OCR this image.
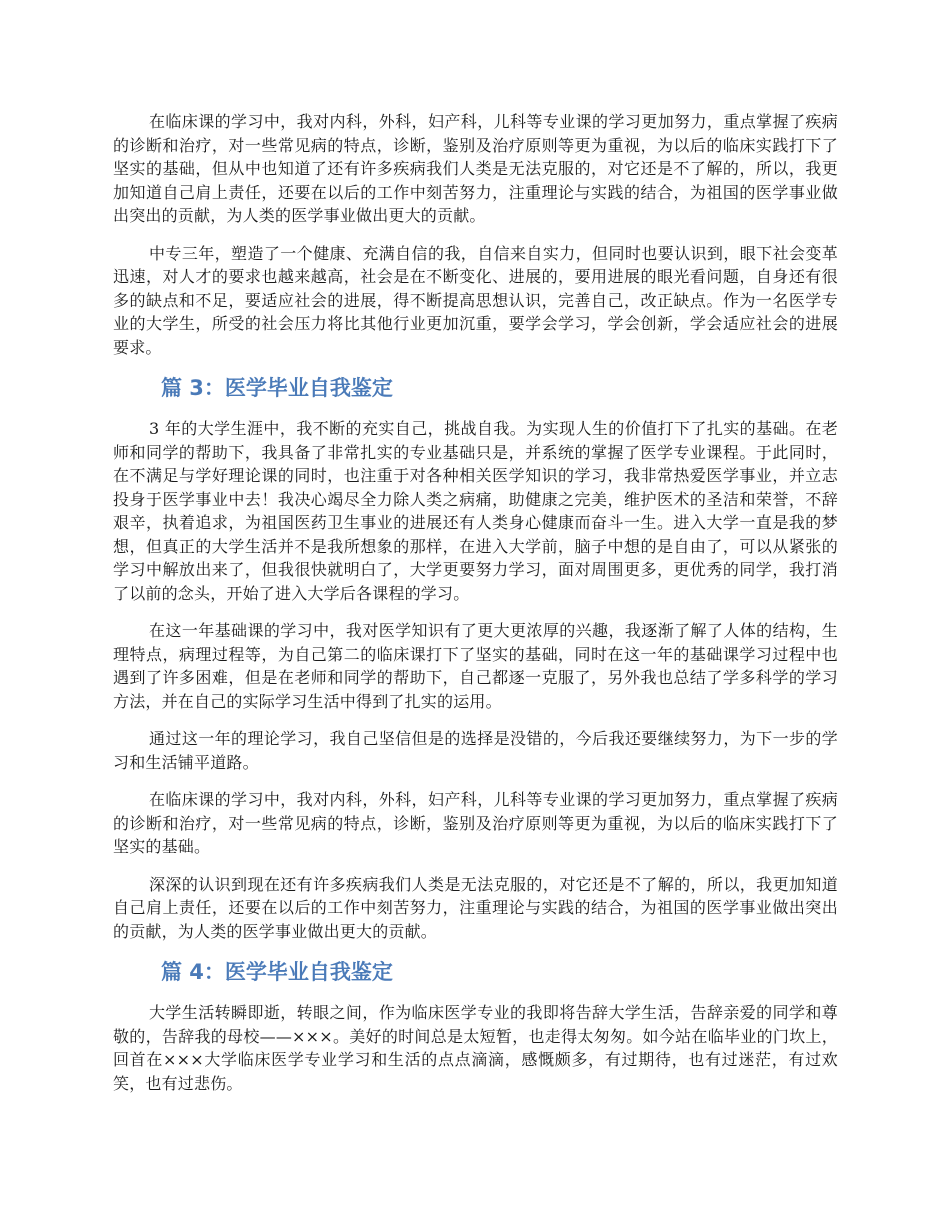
在临床课的学习中，我对内科，外科，妇产科，儿科等专业课的学习更加努力，重点掌握了疾病的诊断和治疗，对一些常见病的特点，诊断，鉴别及治疗原则等更为重视，为以后的临床实践打下了坚实的基础，但从中也知道了还有许多疾病我们人类是无法克服的，对它还是不了解的，所以，我更加知道自己肩上责任，还要在以后的工作中刻苦努力，注重理论与实践的结合，为祖国的医学事业做出突出的贡献，为人类的医学事业做出更大的贡献。

中专三年，塑造了一个健康、充满自信的我，自信来自实力，但同时也要认识到，眼下社会变革迅速，对人才的要求也越来越高，社会是在不断变化、进展的，要用进展的眼光看问题，自身还有很多的缺点和不足，要适应社会的进展，得不断提高思想认识，完善自己，改正缺点。作为一名医学专业的大学生，所受的社会压力将比其他行业更加沉重，要学会学习，学会创新，学会适应社会的进展要求。

篇 3：医学毕业自我鉴定

3 年的大学生涯中，我不断的充实自己，挑战自我。为实现人生的价值打下了扎实的基础。在老师和同学的帮助下，我具备了非常扎实的专业基础只是，并系统的掌握了医学专业课程。于此同时，在不满足与学好理论课的同时，也注重于对各种相关医学知识的学习，我非常热爱医学事业，并立志投身于医学事业中去！我决心竭尽全力除人类之病痛，助健康之完美，维护医术的圣洁和荣誉，不辞艰辛，执着追求，为祖国医药卫生事业的进展还有人类身心健康而奋斗一生。进入大学一直是我的梦想，但真正的大学生活并不是我所想象的那样，在进入大学前，脑子中想的是自由了，可以从紧张的学习中解放出来了，但我很快就明白了，大学更要努力学习，面对周围更多，更优秀的同学，我打消了以前的念头，开始了进入大学后各课程的学习。

在这一年基础课的学习中，我对医学知识有了更大更浓厚的兴趣，我逐渐了解了人体的结构，生理特点，病理过程等，为自己第二的临床课打下了坚实的基础，同时在这一年的基础课学习过程中也遇到了许多困难，但是在老师和同学的帮助下，自己都逐一克服了，另外我也总结了学多科学的学习方法，并在自己的实际学习生活中得到了扎实的运用。

通过这一年的理论学习，我自己坚信但是的选择是没错的，今后我还要继续努力，为下一步的学习和生活铺平道路。

在临床课的学习中，我对内科，外科，妇产科，儿科等专业课的学习更加努力，重点掌握了疾病的诊断和治疗，对一些常见病的特点，诊断，鉴别及治疗原则等更为重视，为以后的临床实践打下了坚实的基础。

深深的认识到现在还有许多疾病我们人类是无法克服的，对它还是不了解的，所以，我更加知道自己肩上责任，还要在以后的工作中刻苦努力，注重理论与实践的结合，为祖国的医学事业做出突出的贡献，为人类的医学事业做出更大的贡献。

篇 4：医学毕业自我鉴定

大学生活转瞬即逝，转眼之间，作为临床医学专业的我即将告辞大学生活，告辞亲爱的同学和尊敬的，告辞我的母校——×××。美好的时间总是太短暂，也走得太匆匆。如今站在临毕业的门坎上，回首在×××大学临床医学专业学习和生活的点点滴滴，感慨颇多，有过期待，也有过迷茫，有过欢笑，也有过悲伤。
